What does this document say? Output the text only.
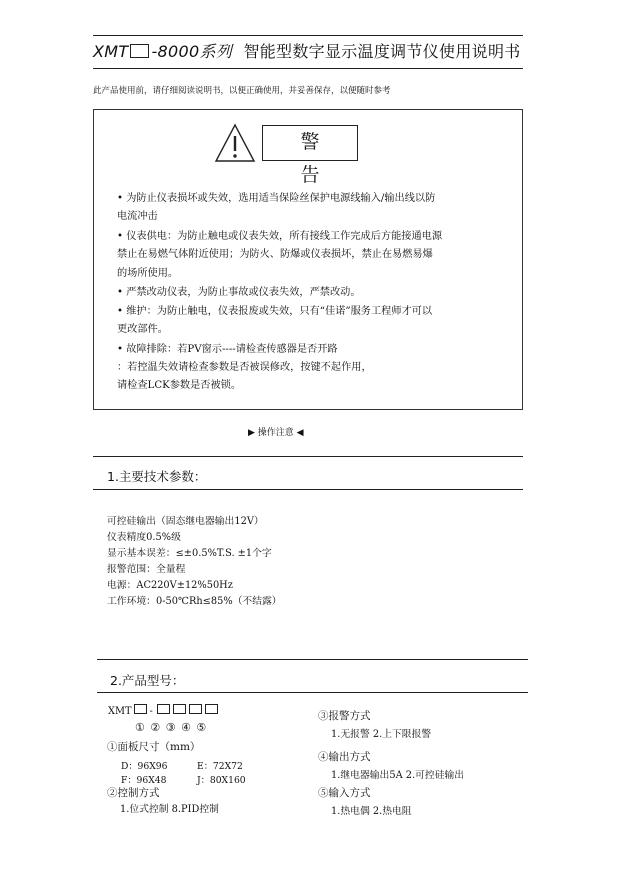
XMT -8000系列 智能型数字显示温度调节仪使用说明书
此产品使用前，请仔细阅读说明书，以便正确使用，并妥善保存，以便随时参考
警告
• 为防止仪表损坏或失效，选用适当保险丝保护电源线输入/输出线以防
电流冲击
• 仪表供电：为防止触电或仪表失效，所有接线工作完成后方能接通电源
禁止在易燃气体附近使用；为防火、防爆或仪表损坏，禁止在易燃易爆
的场所使用。
• 严禁改动仪表，为防止事故或仪表失效，严禁改动。
• 维护：为防止触电，仪表报废或失效，只有“佳诺”服务工程师才可以
更改部件。
• 故障排除：若PV窗示----请检查传感器是否开路
：若控温失效请检查参数是否被误修改，按键不起作用，
请检查LCK参数是否被锁。
▶ 操作注意 ◀
1.主要技术参数：
可控硅输出（固态继电器输出12V）
仪表精度0.5%级
显示基本误差：≤±0.5%T.S. ±1个字
报警范围：全量程
电源：AC220V±12%50Hz
工作环境：0-50℃Rh≤85%（不结露）
2.产品型号：
XMT -
① ② ③ ④ ⑤
①面板尺寸（mm）
D：96X96	E：72X72
F：96X48	J：80X160
②控制方式
1.位式控制 8.PID控制
③报警方式
1.无报警 2.上下限报警
④输出方式
1.继电器输出5A 2.可控硅输出
⑤输入方式
1.热电偶 2.热电阻
